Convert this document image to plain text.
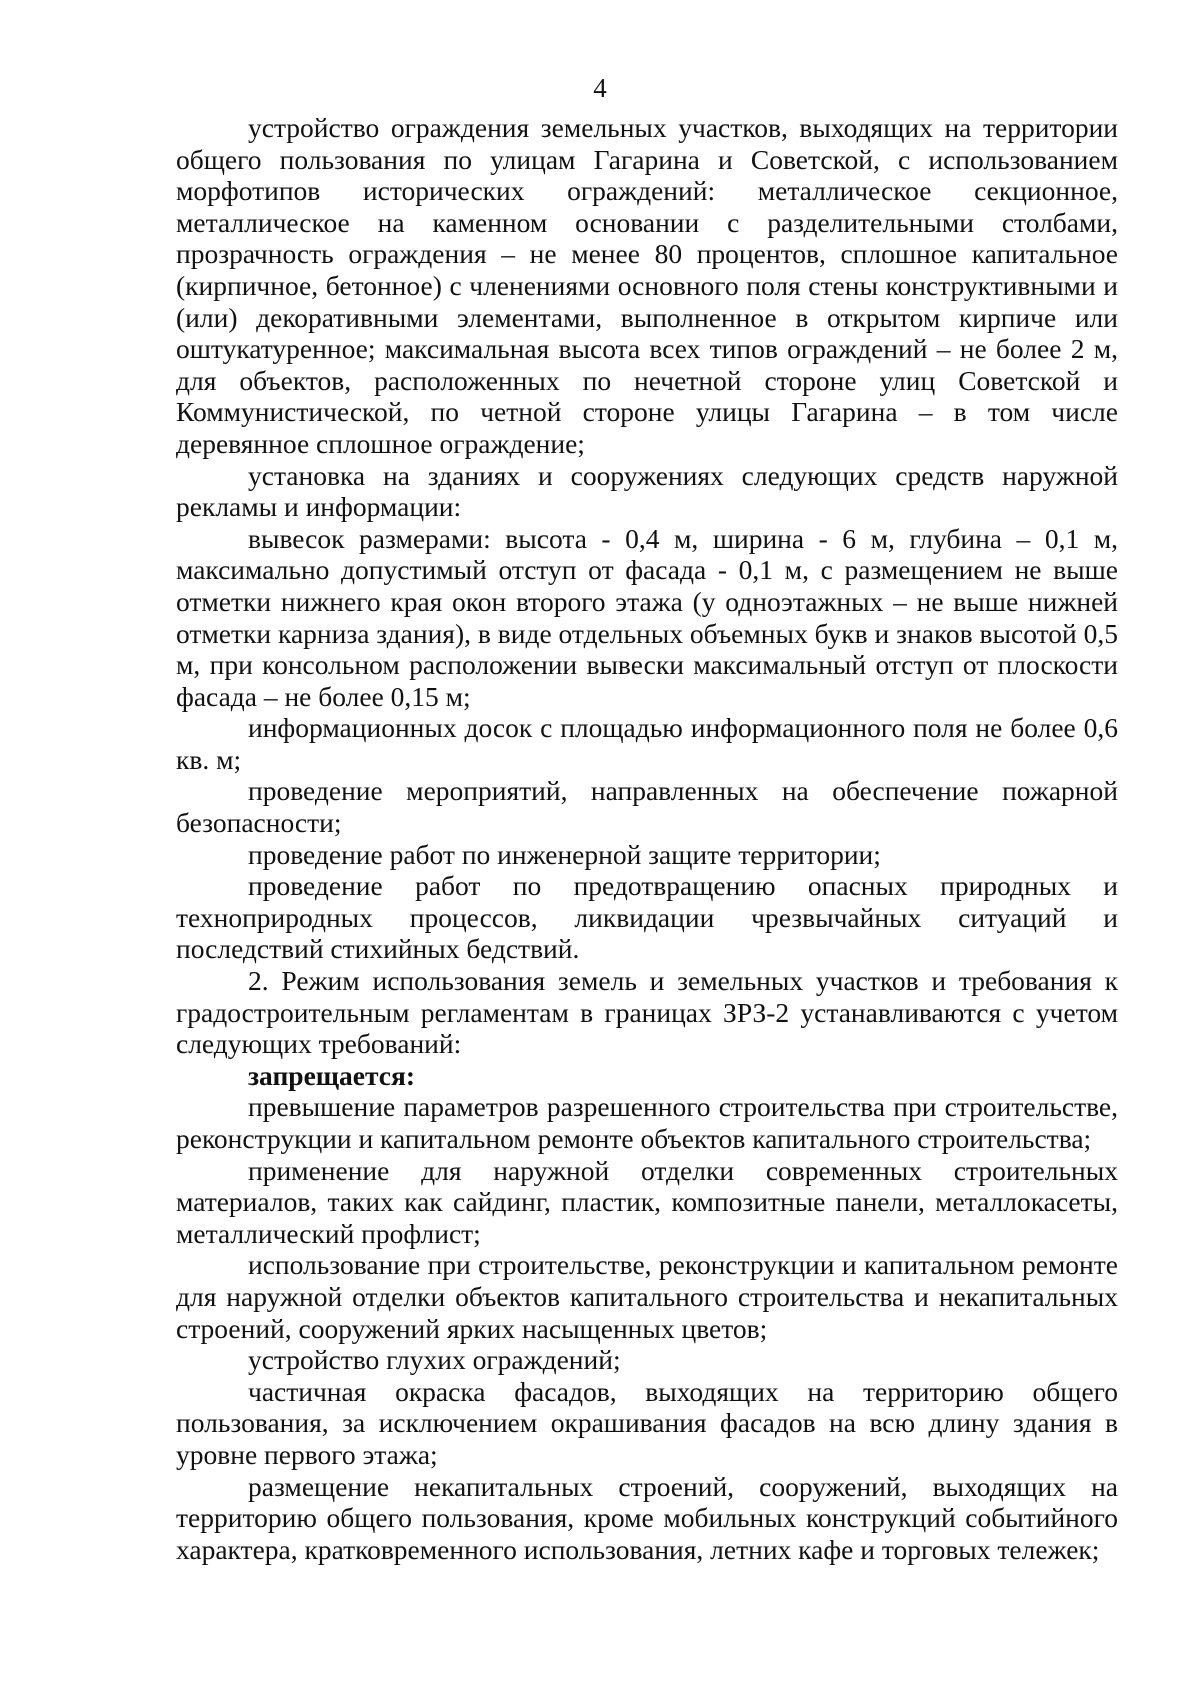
4

устройство ограждения земельных участков, выходящих на территории общего пользования по улицам Гагарина и Советской, с использованием морфотипов исторических ограждений: металлическое секционное, металлическое на каменном основании с разделительными столбами, прозрачность ограждения – не менее 80 процентов, сплошное капитальное (кирпичное, бетонное) с членениями основного поля стены конструктивными и (или) декоративными элементами, выполненное в открытом кирпиче или оштукатуренное; максимальная высота всех типов ограждений – не более 2 м, для объектов, расположенных по нечетной стороне улиц Советской и Коммунистической, по четной стороне улицы Гагарина – в том числе деревянное сплошное ограждение;

установка на зданиях и сооружениях следующих средств наружной рекламы и информации:

вывесок размерами: высота - 0,4 м, ширина - 6 м, глубина – 0,1 м, максимально допустимый отступ от фасада - 0,1 м, с размещением не выше отметки нижнего края окон второго этажа (у одноэтажных – не выше нижней отметки карниза здания), в виде отдельных объемных букв и знаков высотой 0,5 м, при консольном расположении вывески максимальный отступ от плоскости фасада – не более 0,15 м;

информационных досок с площадью информационного поля не более 0,6 кв. м;

проведение мероприятий, направленных на обеспечение пожарной безопасности;

проведение работ по инженерной защите территории;

проведение работ по предотвращению опасных природных и техноприродных процессов, ликвидации чрезвычайных ситуаций и последствий стихийных бедствий.

2. Режим использования земель и земельных участков и требования к градостроительным регламентам в границах ЗРЗ-2 устанавливаются с учетом следующих требований:

запрещается:

превышение параметров разрешенного строительства при строительстве, реконструкции и капитальном ремонте объектов капитального строительства;

применение для наружной отделки современных строительных материалов, таких как сайдинг, пластик, композитные панели, металлокасеты, металлический профлист;

использование при строительстве, реконструкции и капитальном ремонте для наружной отделки объектов капитального строительства и некапитальных строений, сооружений ярких насыщенных цветов;

устройство глухих ограждений;

частичная окраска фасадов, выходящих на территорию общего пользования, за исключением окрашивания фасадов на всю длину здания в уровне первого этажа;

размещение некапитальных строений, сооружений, выходящих на территорию общего пользования, кроме мобильных конструкций событийного характера, кратковременного использования, летних кафе и торговых тележек;
